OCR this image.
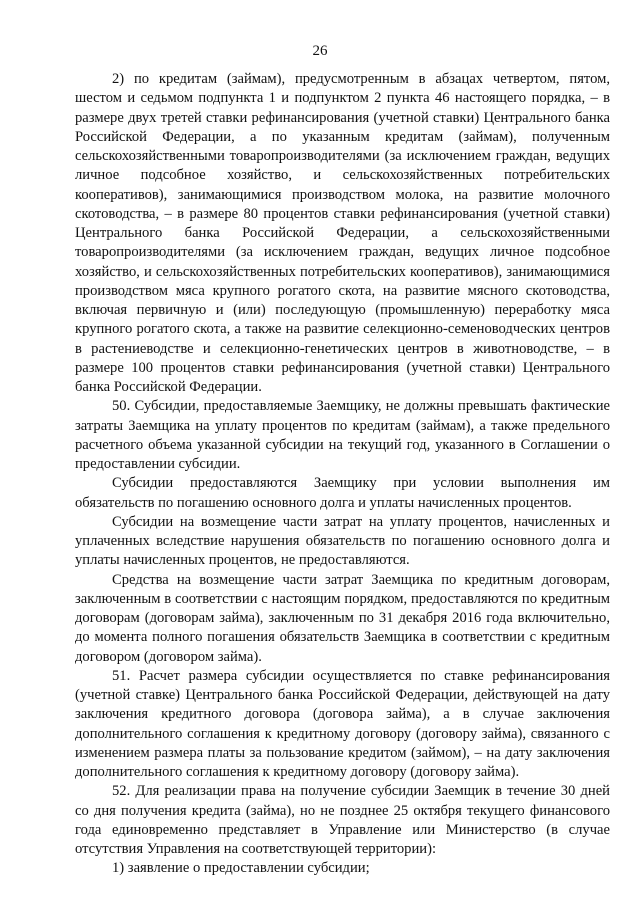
26

2) по кредитам (займам), предусмотренным в абзацах четвертом, пятом, шестом и седьмом подпункта 1 и подпунктом 2 пункта 46 настоящего порядка, – в размере двух третей ставки рефинансирования (учетной ставки) Центрального банка Российской Федерации, а по указанным кредитам (займам), полученным сельскохозяйственными товаропроизводителями (за исключением граждан, ведущих личное подсобное хозяйство, и сельскохозяйственных потребительских кооперативов), занимающимися производством молока, на развитие молочного скотоводства, – в размере 80 процентов ставки рефинансирования (учетной ставки) Центрального банка Российской Федерации, а сельскохозяйственными товаропроизводителями (за исключением граждан, ведущих личное подсобное хозяйство, и сельскохозяйственных потребительских кооперативов), занимающимися производством мяса крупного рогатого скота, на развитие мясного скотоводства, включая первичную и (или) последующую (промышленную) переработку мяса крупного рогатого скота, а также на развитие селекционно-семеноводческих центров в растениеводстве и селекционно-генетических центров в животноводстве, – в размере 100 процентов ставки рефинансирования (учетной ставки) Центрального банка Российской Федерации.

50. Субсидии, предоставляемые Заемщику, не должны превышать фактические затраты Заемщика на уплату процентов по кредитам (займам), а также предельного расчетного объема указанной субсидии на текущий год, указанного в Соглашении о предоставлении субсидии.

Субсидии предоставляются Заемщику при условии выполнения им обязательств по погашению основного долга и уплаты начисленных процентов.

Субсидии на возмещение части затрат на уплату процентов, начисленных и уплаченных вследствие нарушения обязательств по погашению основного долга и уплаты начисленных процентов, не предоставляются.

Средства на возмещение части затрат Заемщика по кредитным договорам, заключенным в соответствии с настоящим порядком, предоставляются по кредитным договорам (договорам займа), заключенным по 31 декабря 2016 года включительно, до момента полного погашения обязательств Заемщика в соответствии с кредитным договором (договором займа).

51. Расчет размера субсидии осуществляется по ставке рефинансирования (учетной ставке) Центрального банка Российской Федерации, действующей на дату заключения кредитного договора (договора займа), а в случае заключения дополнительного соглашения к кредитному договору (договору займа), связанного с изменением размера платы за пользование кредитом (займом), – на дату заключения дополнительного соглашения к кредитному договору (договору займа).

52. Для реализации права на получение субсидии Заемщик в течение 30 дней со дня получения кредита (займа), но не позднее 25 октября текущего финансового года единовременно представляет в Управление или Министерство (в случае отсутствия Управления на соответствующей территории):

1) заявление о предоставлении субсидии;
